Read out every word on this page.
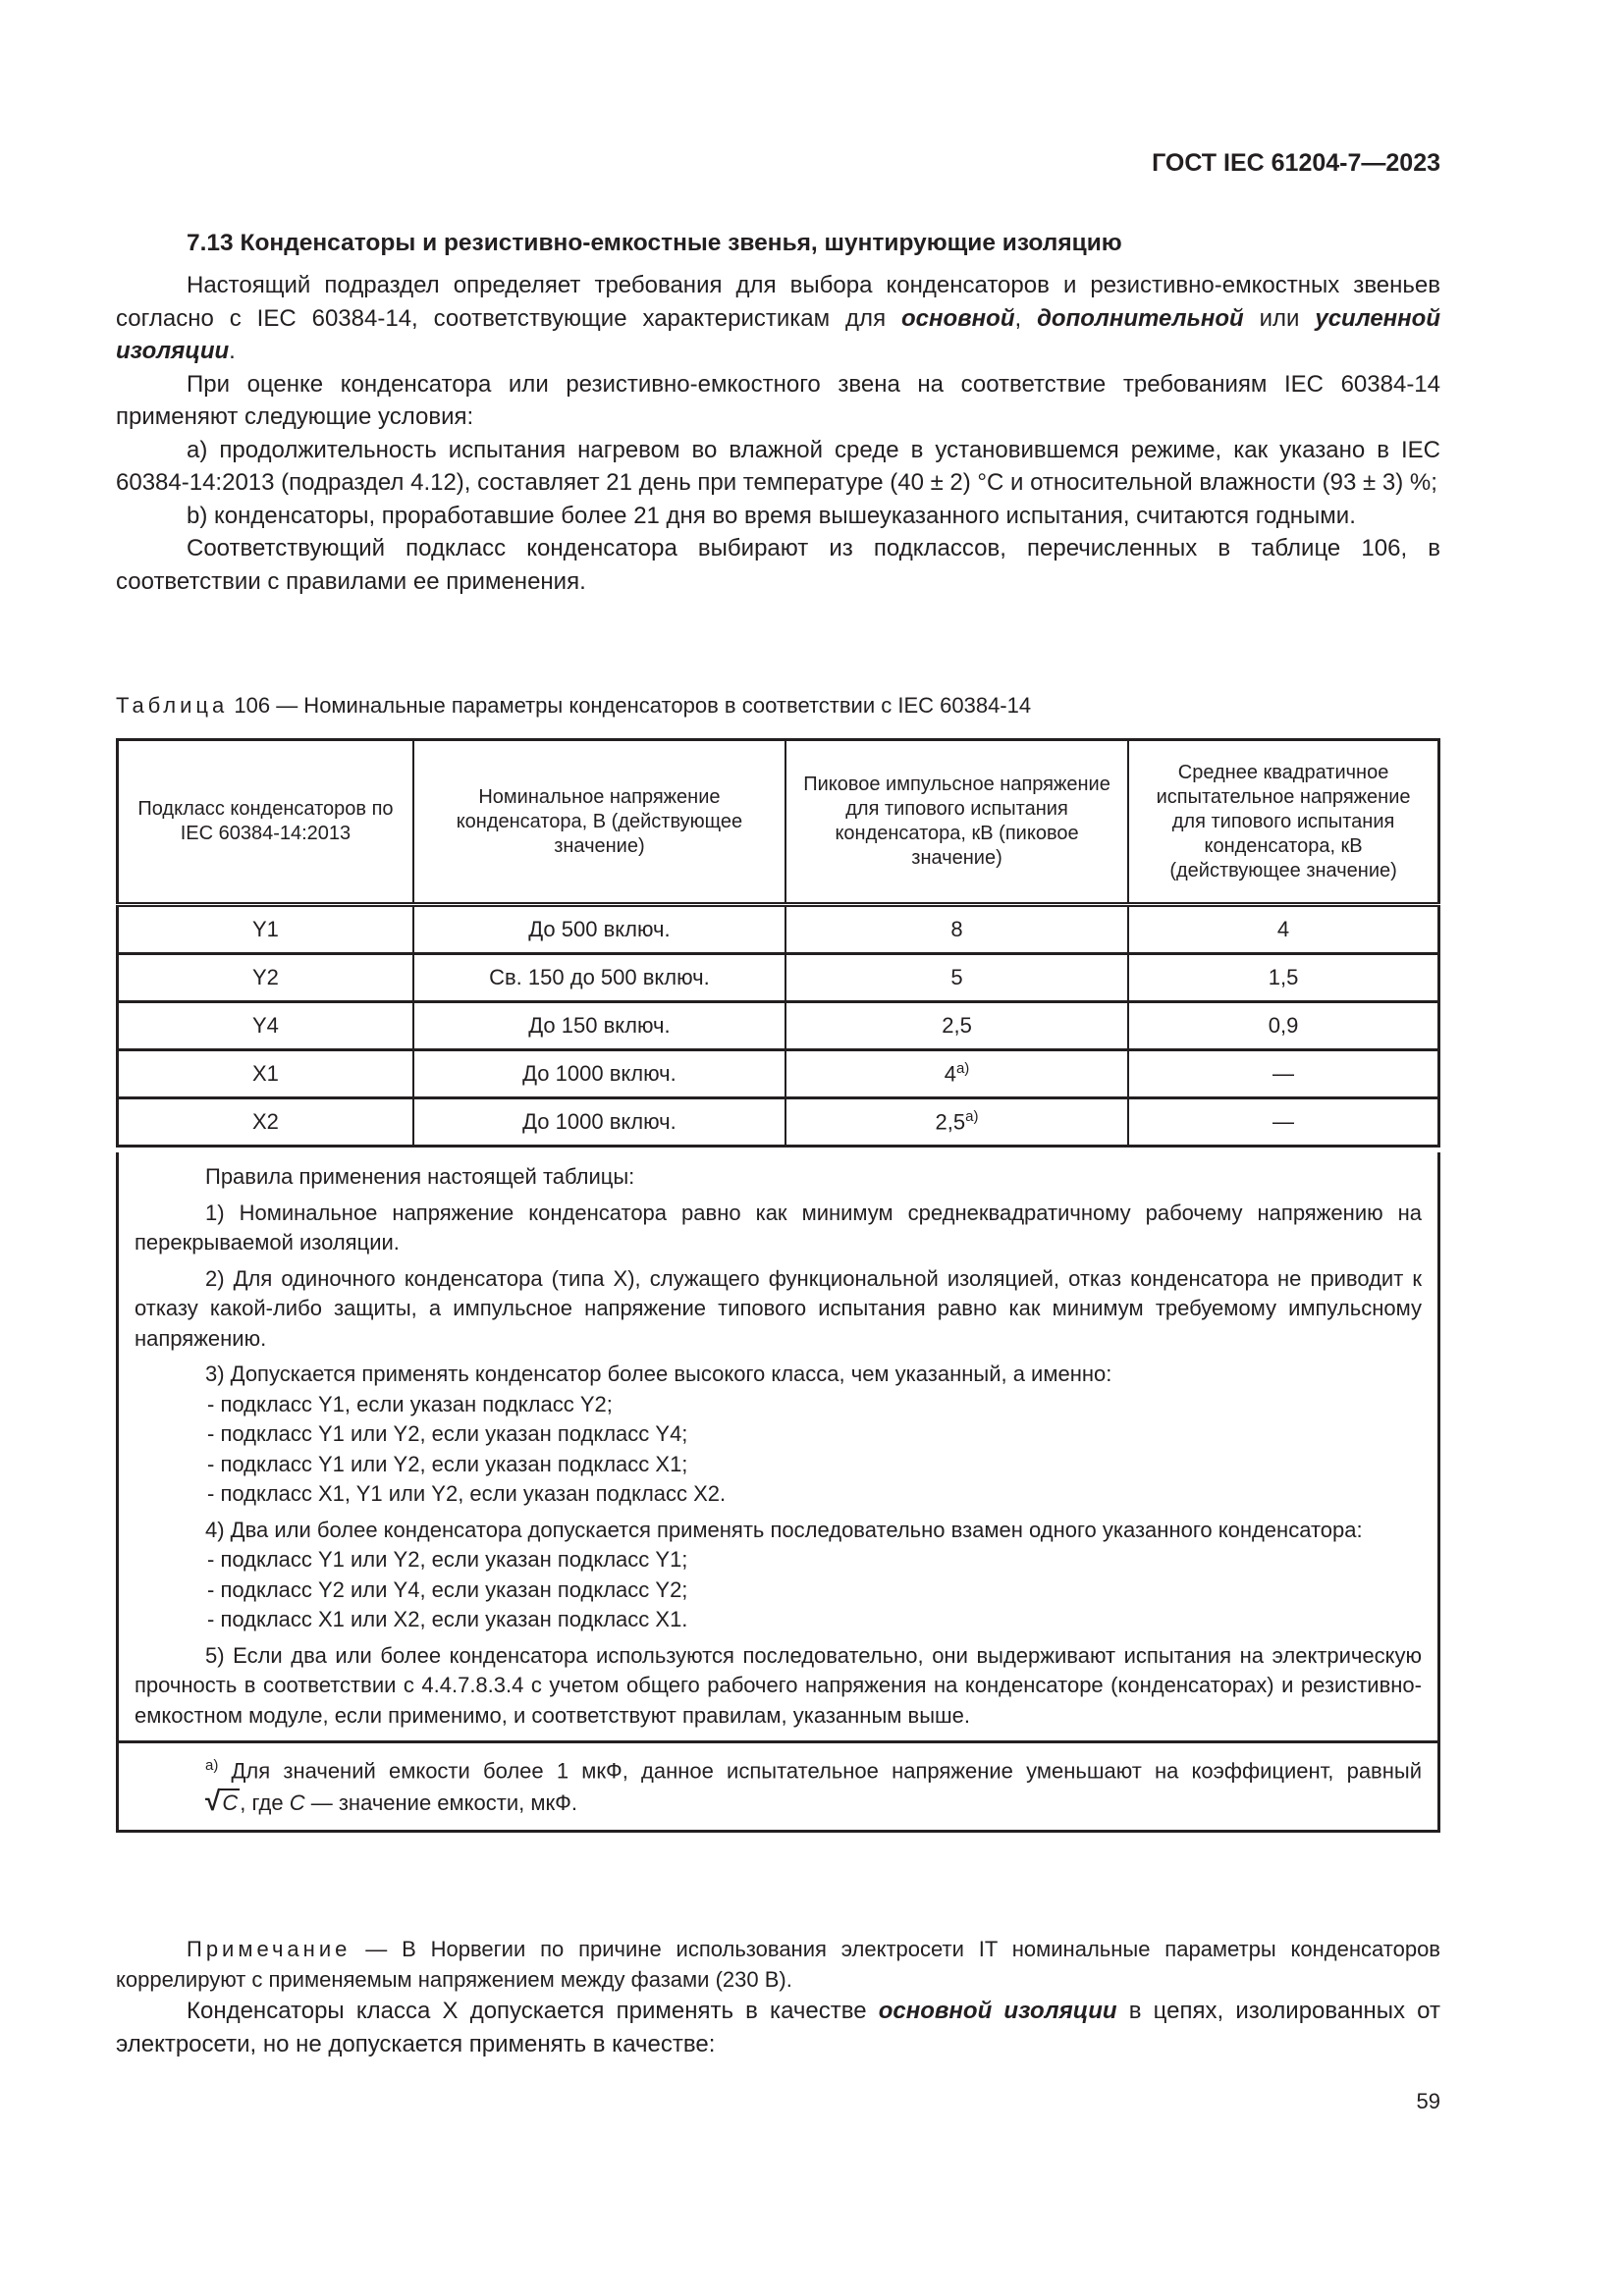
ГОСТ IEC 61204-7—2023
7.13 Конденсаторы и резистивно-емкостные звенья, шунтирующие изоляцию

Настоящий подраздел определяет требования для выбора конденсаторов и резистивно-емкостных звеньев согласно с IEC 60384-14, соответствующие характеристикам для основной, дополнительной или усиленной изоляции.

При оценке конденсатора или резистивно-емкостного звена на соответствие требованиям IEC 60384-14 применяют следующие условия:

a) продолжительность испытания нагревом во влажной среде в установившемся режиме, как указано в IEC 60384-14:2013 (подраздел 4.12), составляет 21 день при температуре (40 ± 2) °С и относительной влажности (93 ± 3) %;

b) конденсаторы, проработавшие более 21 дня во время вышеуказанного испытания, считаются годными.

Соответствующий подкласс конденсатора выбирают из подклассов, перечисленных в таблице 106, в соответствии с правилами ее применения.

Таблица 106 — Номинальные параметры конденсаторов в соответствии с IEC 60384-14
Подкласс конденсаторов по IEC 60384-14:2013	Номинальное напряжение конденсатора, В (действующее значение)	Пиковое импульсное напряжение для типового испытания конденсатора, кВ (пиковое значение)	Среднее квадратичное испытательное напряжение для типового испытания конденсатора, кВ (действующее значение)
Y1	До 500 включ.	8	4
Y2	Св. 150 до 500 включ.	5	1,5
Y4	До 150 включ.	2,5	0,9
X1	До 1000 включ.	$4^{а)}$	—
X2	До 1000 включ.	$2,5^{а)}$	—

Правила применения настоящей таблицы:

1) Номинальное напряжение конденсатора равно как минимум среднеквадратичному рабочему напряжению на перекрываемой изоляции.

2) Для одиночного конденсатора (типа X), служащего функциональной изоляцией, отказ конденсатора не приводит к отказу какой-либо защиты, а импульсное напряжение типового испытания равно как минимум требуемому импульсному напряжению.

3) Допускается применять конденсатор более высокого класса, чем указанный, а именно:

- подкласс Y1, если указан подкласс Y2;

- подкласс Y1 или Y2, если указан подкласс Y4;

- подкласс Y1 или Y2, если указан подкласс X1;

- подкласс X1, Y1 или Y2, если указан подкласс X2.

4) Два или более конденсатора допускается применять последовательно взамен одного указанного конденсатора:

- подкласс Y1 или Y2, если указан подкласс Y1;

- подкласс Y2 или Y4, если указан подкласс Y2;

- подкласс X1 или X2, если указан подкласс X1.

5) Если два или более конденсатора используются последовательно, они выдерживают испытания на электрическую прочность в соответствии с 4.4.7.8.3.4 с учетом общего рабочего напряжения на конденсаторе (конденсаторах) и резистивно-емкостном модуле, если применимо, и соответствуют правилам, указанным выше.

$^{а)}$ Для значений емкости более 1 мкФ, данное испытательное напряжение уменьшают на коэффициент, равный √C, где C — значение емкости, мкФ.

Примечание — В Норвегии по причине использования электросети IT номинальные параметры конденсаторов коррелируют с применяемым напряжением между фазами (230 В).

Конденсаторы класса X допускается применять в качестве основной изоляции в цепях, изолированных от электросети, но не допускается применять в качестве:

59
